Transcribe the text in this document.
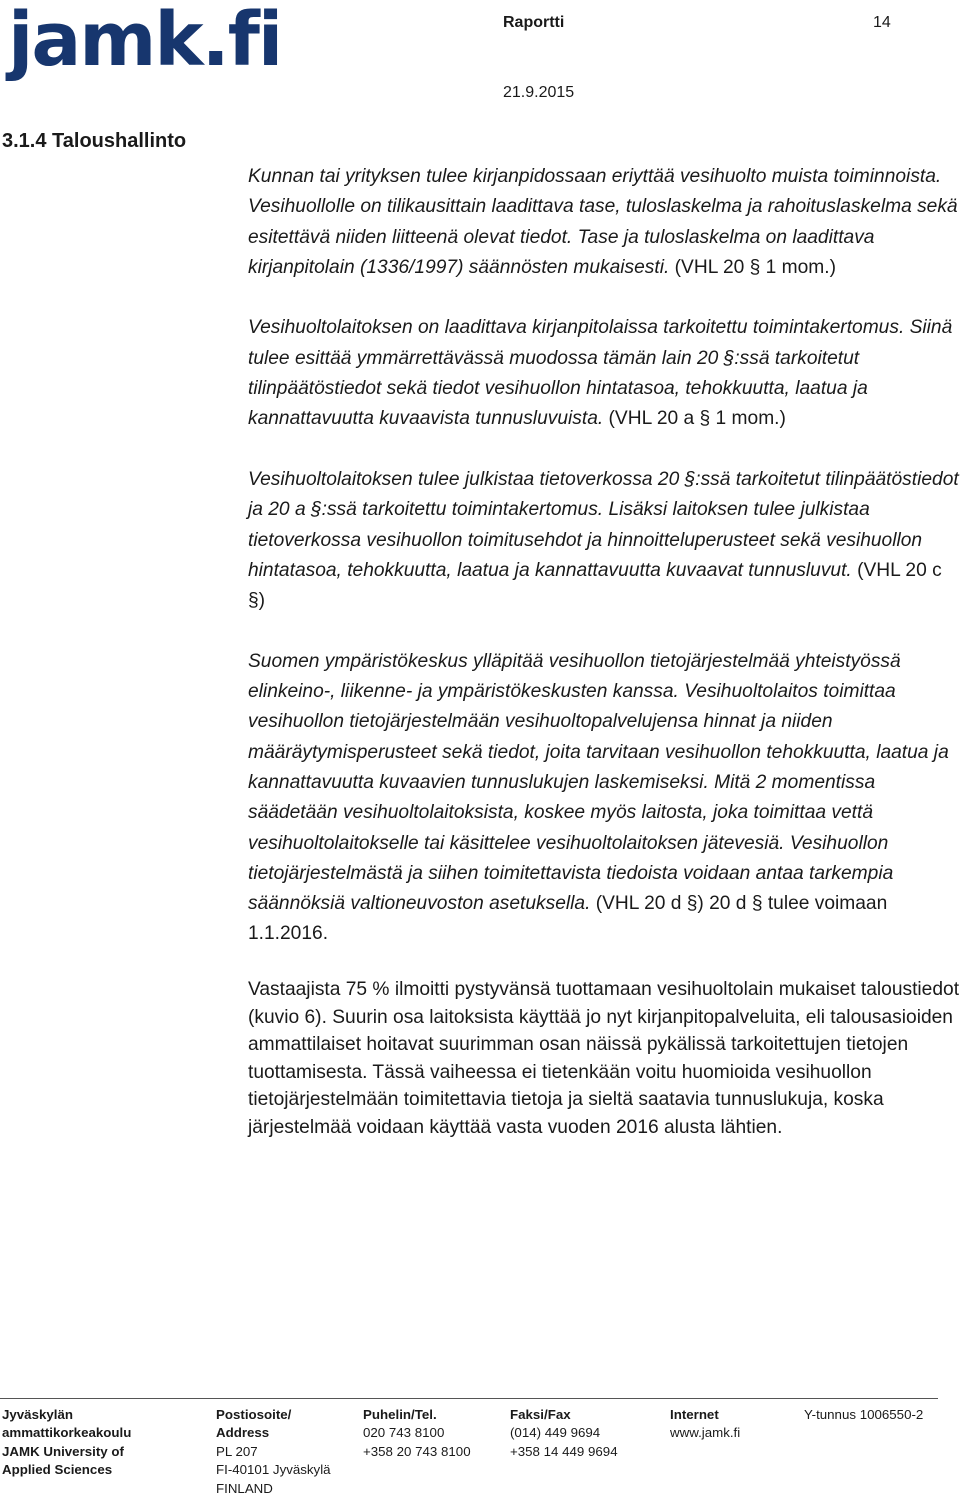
jamk.fi	Raportti	14
21.9.2015
3.1.4 Taloushallinto

Kunnan tai yrityksen tulee kirjanpidossaan eriyttää vesihuolto muista toiminnoista. Vesihuollolle on tilikausittain laadittava tase, tuloslaskelma ja rahoituslaskelma sekä esitettävä niiden liitteenä olevat tiedot. Tase ja tuloslaskelma on laadittava kirjanpitolain (1336/1997) säännösten mukaisesti. (VHL 20 § 1 mom.)

Vesihuoltolaitoksen on laadittava kirjanpitolaissa tarkoitettu toimintakertomus. Siinä tulee esittää ymmärrettävässä muodossa tämän lain 20 §:ssä tarkoitetut tilinpäätöstiedot sekä tiedot vesihuollon hintatasoa, tehokkuutta, laatua ja kannattavuutta kuvaavista tunnusluvuista. (VHL 20 a § 1 mom.)

Vesihuoltolaitoksen tulee julkistaa tietoverkossa 20 §:ssä tarkoitetut tilinpäätöstiedot ja 20 a §:ssä tarkoitettu toimintakertomus. Lisäksi laitoksen tulee julkistaa tietoverkossa vesihuollon toimitusehdot ja hinnoitteluperusteet sekä vesihuollon hintatasoa, tehokkuutta, laatua ja kannattavuutta kuvaavat tunnusluvut. (VHL 20 c §)

Suomen ympäristökeskus ylläpitää vesihuollon tietojärjestelmää yhteistyössä elinkeino-, liikenne- ja ympäristökeskusten kanssa. Vesihuoltolaitos toimittaa vesihuollon tietojärjestelmään vesihuoltopalvelujensa hinnat ja niiden määräytymisperusteet sekä tiedot, joita tarvitaan vesihuollon tehokkuutta, laatua ja kannattavuutta kuvaavien tunnuslukujen laskemiseksi. Mitä 2 momentissa säädetään vesihuoltolaitoksista, koskee myös laitosta, joka toimittaa vettä vesihuoltolaitokselle tai käsittelee vesihuoltolaitoksen jätevesiä. Vesihuollon tietojärjestelmästä ja siihen toimitettavista tiedoista voidaan antaa tarkempia säännöksiä valtioneuvoston asetuksella. (VHL 20 d §) 20 d § tulee voimaan 1.1.2016.

Vastaajista 75 % ilmoitti pystyvänsä tuottamaan vesihuoltolain mukaiset taloustiedot (kuvio 6). Suurin osa laitoksista käyttää jo nyt kirjanpitopalveluita, eli talousasioiden ammattilaiset hoitavat suurimman osan näissä pykälissä tarkoitettujen tietojen tuottamisesta. Tässä vaiheessa ei tietenkään voitu huomioida vesihuollon tietojärjestelmään toimitettavia tietoja ja sieltä saatavia tunnuslukuja, koska järjestelmää voidaan käyttää vasta vuoden 2016 alusta lähtien.

Jyväskylän
ammattikorkeakoulu
JAMK University of
Applied Sciences
Postiosoite/
Address
PL 207
FI-40101 Jyväskylä
FINLAND
Puhelin/Tel.
020 743 8100
+358 20 743 8100
Faksi/Fax
(014) 449 9694
+358 14 449 9694
Internet
www.jamk.fi
Y-tunnus 1006550-2
